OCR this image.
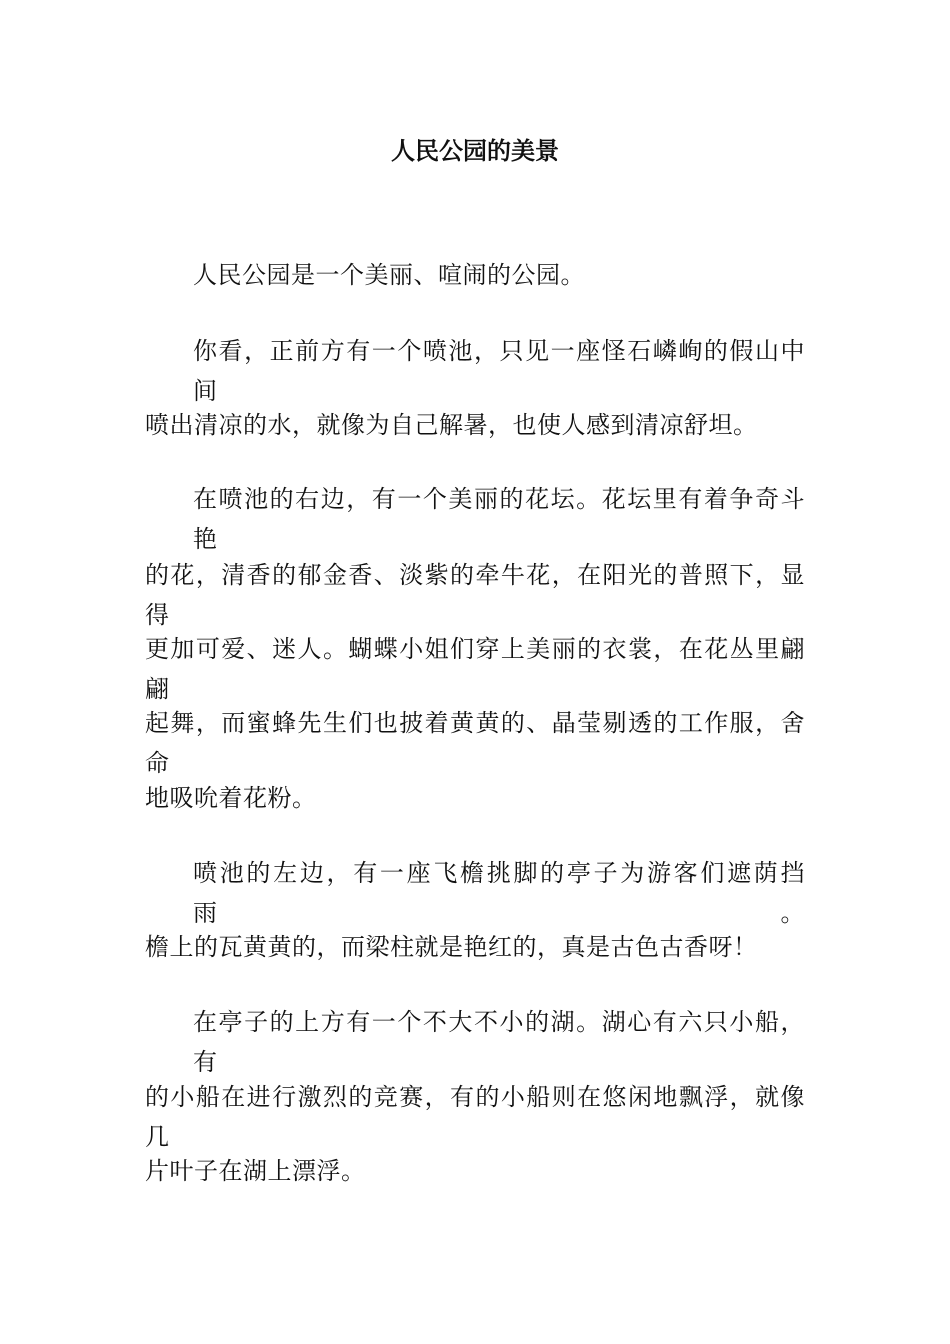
人民公园的美景

人民公园是一个美丽、喧闹的公园。

你看，正前方有一个喷池，只见一座怪石嶙峋的假山中间

喷出清凉的水，就像为自己解暑，也使人感到清凉舒坦。

在喷池的右边，有一个美丽的花坛。花坛里有着争奇斗艳

的花，清香的郁金香、淡紫的牵牛花，在阳光的普照下，显得

更加可爱、迷人。蝴蝶小姐们穿上美丽的衣裳，在花丛里翩翩

起舞，而蜜蜂先生们也披着黄黄的、晶莹剔透的工作服，舍命

地吸吮着花粉。

喷池的左边，有一座飞檐挑脚的亭子为游客们遮荫挡雨。

檐上的瓦黄黄的，而梁柱就是艳红的，真是古色古香呀！

在亭子的上方有一个不大不小的湖。湖心有六只小船，有

的小船在进行激烈的竞赛，有的小船则在悠闲地飘浮，就像几

片叶子在湖上漂浮。
